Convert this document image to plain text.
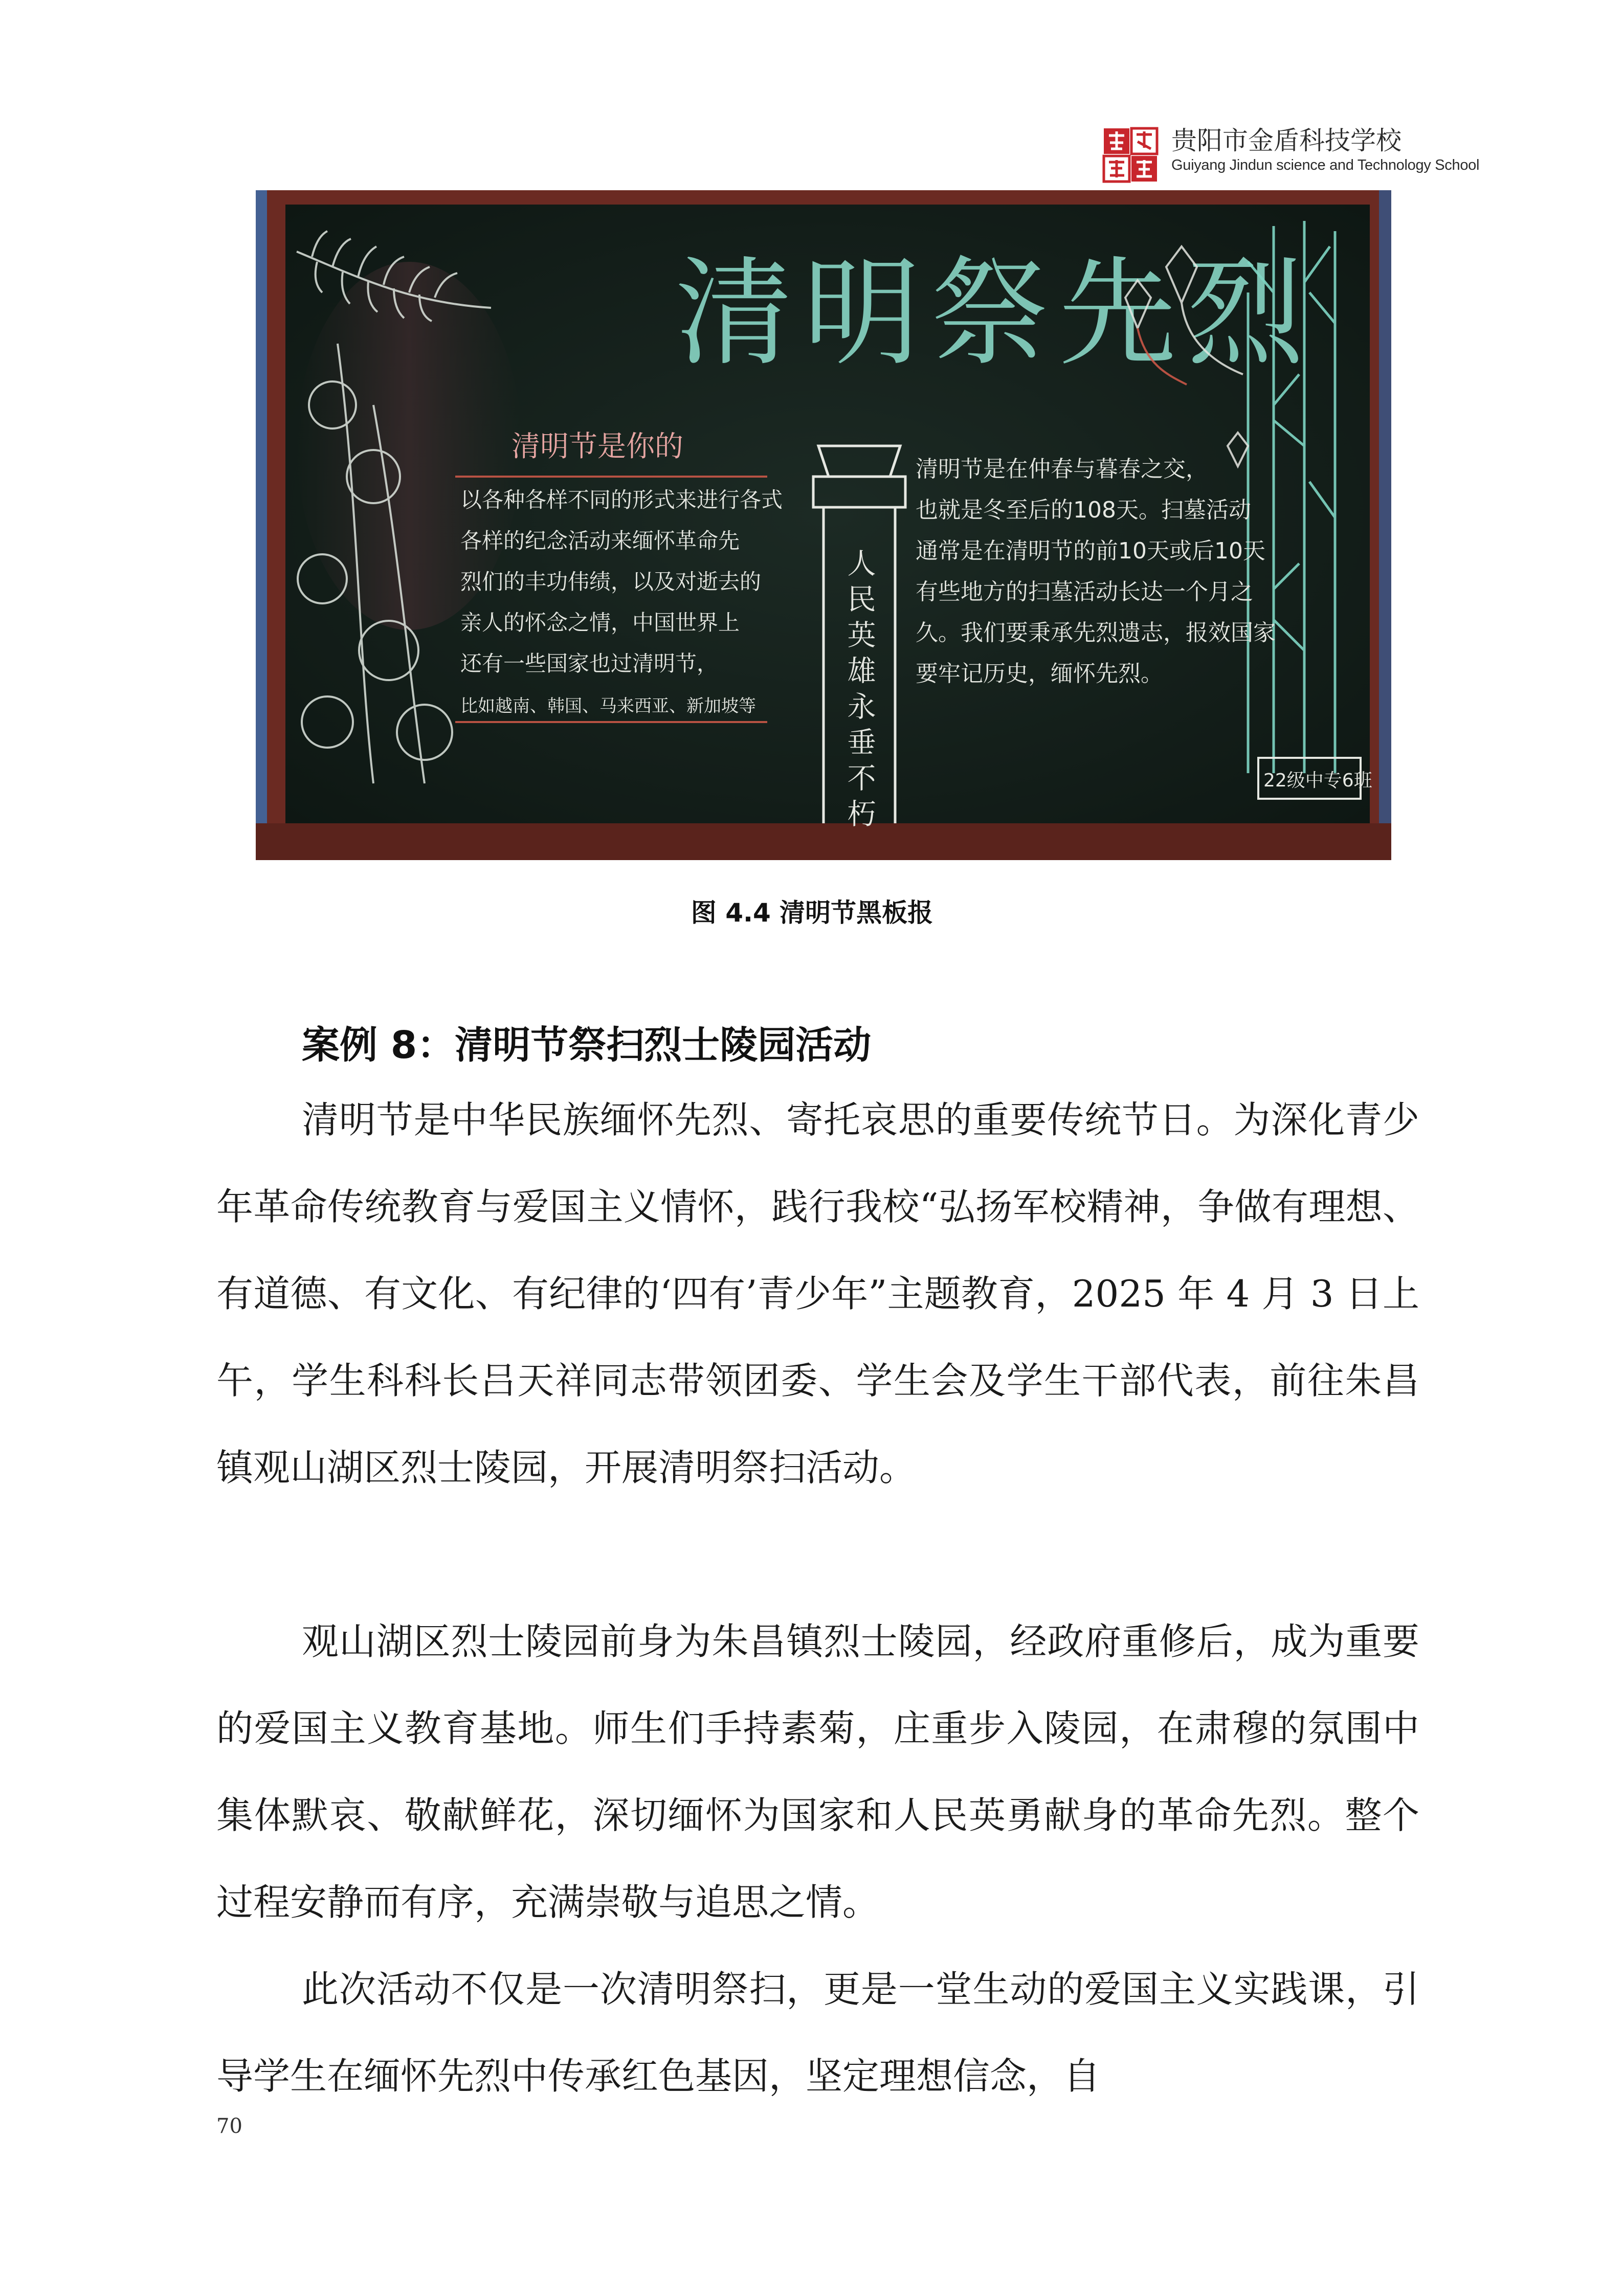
贵阳市金盾科技学校
Guiyang Jindun science and Technology School
清明祭先烈
清明节是你的
以各种各样不同的形式来进行各式
各样的纪念活动来缅怀革命先
烈们的丰功伟绩，以及对逝去的
亲人的怀念之情，中国世界上
还有一些国家也过清明节，
比如越南、韩国、马来西亚、新加坡等	人民英雄永垂不朽
清明节是在仲春与暮春之交，
也就是冬至后的108天。扫墓活动
通常是在清明节的前10天或后10天
有些地方的扫墓活动长达一个月之
久。我们要秉承先烈遗志，报效国家
要牢记历史，缅怀先烈。
22级中专6班
图 4.4 清明节黑板报
案例 8：清明节祭扫烈士陵园活动

清明节是中华民族缅怀先烈、寄托哀思的重要传统节日。为深化青少年革命传统教育与爱国主义情怀，践行我校“弘扬军校精神，争做有理想、有道德、有文化、有纪律的‘四有’青少年”主题教育，2025 年 4 月 3 日上午，学生科科长吕天祥同志带领团委、学生会及学生干部代表，前往朱昌镇观山湖区烈士陵园，开展清明祭扫活动。

观山湖区烈士陵园前身为朱昌镇烈士陵园，经政府重修后，成为重要的爱国主义教育基地。师生们手持素菊，庄重步入陵园，在肃穆的氛围中集体默哀、敬献鲜花，深切缅怀为国家和人民英勇献身的革命先烈。整个过程安静而有序，充满崇敬与追思之情。

此次活动不仅是一次清明祭扫，更是一堂生动的爱国主义实践课，引导学生在缅怀先烈中传承红色基因，坚定理想信念，自

70
